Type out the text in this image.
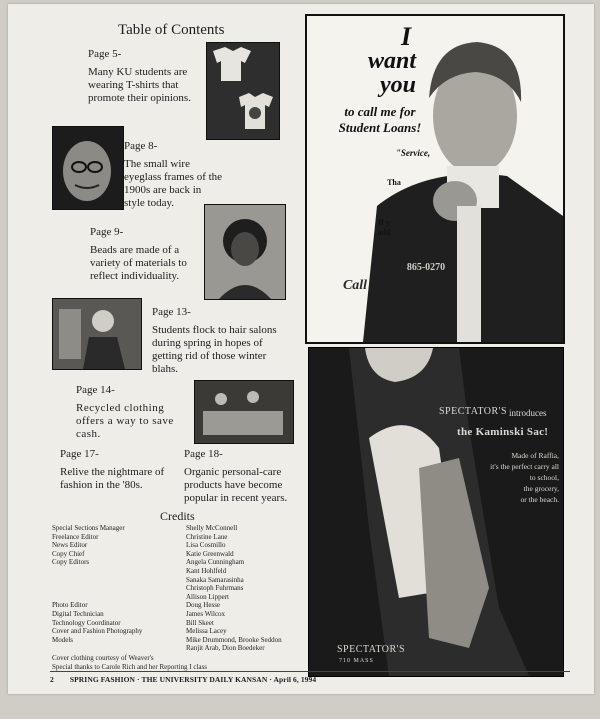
Table of Contents
Page 5-
Many KU students are wearing T-shirts that promote their opinions.
Page 8-
The small wire eyeglass frames of the 1900s are back in style today.
Page 9-
Beads are made of a variety of materials to reflect individuality.
Page 13-
Students flock to hair salons during spring in hopes of getting rid of those winter blahs.
Page 14-
Recycled clothing offers a way to save cash.
Page 17-
Relive the nightmare of fashion in the '80s.
Page 18-
Organic personal-care products have become popular in recent years.
Credits
Special Sections Manager
Freelance Editor
News Editor
Copy Chief
Copy Editors
Photo Editor
Digital Technician
Technology Coordinator
Cover and Fashion Photography
Models
Shelly McConnell
Christine Laue
Lisa Cosmillo
Katie Greenwald
Angela Cunningham
Kant Hohlfeld
Sanaka Samarasinha
Christoph Fuhrmans
Allison Lippert
Doug Hesse
James Wilcox
Bill Skeet
Melissa Lacey
Mike Drummond, Brooke Seddon
Ranjit Arab, Dion Boedeker
Cover clothing courtesy of Weaver's
Special thanks to Carole Rich and her Reporting I class
I
want
you
to call me for
Student Loans!
"Service,
Tha
If y
add
Call
865-0270
SPECTATOR'S introduces
the Kaminski Sac!
Made of Raffia,
it's the perfect carry all
to school,
the grocery,
or the beach.
SPECTATOR'S
710 MASS
2 SPRING FASHION · THE UNIVERSITY DAILY KANSAN · April 6, 1994
